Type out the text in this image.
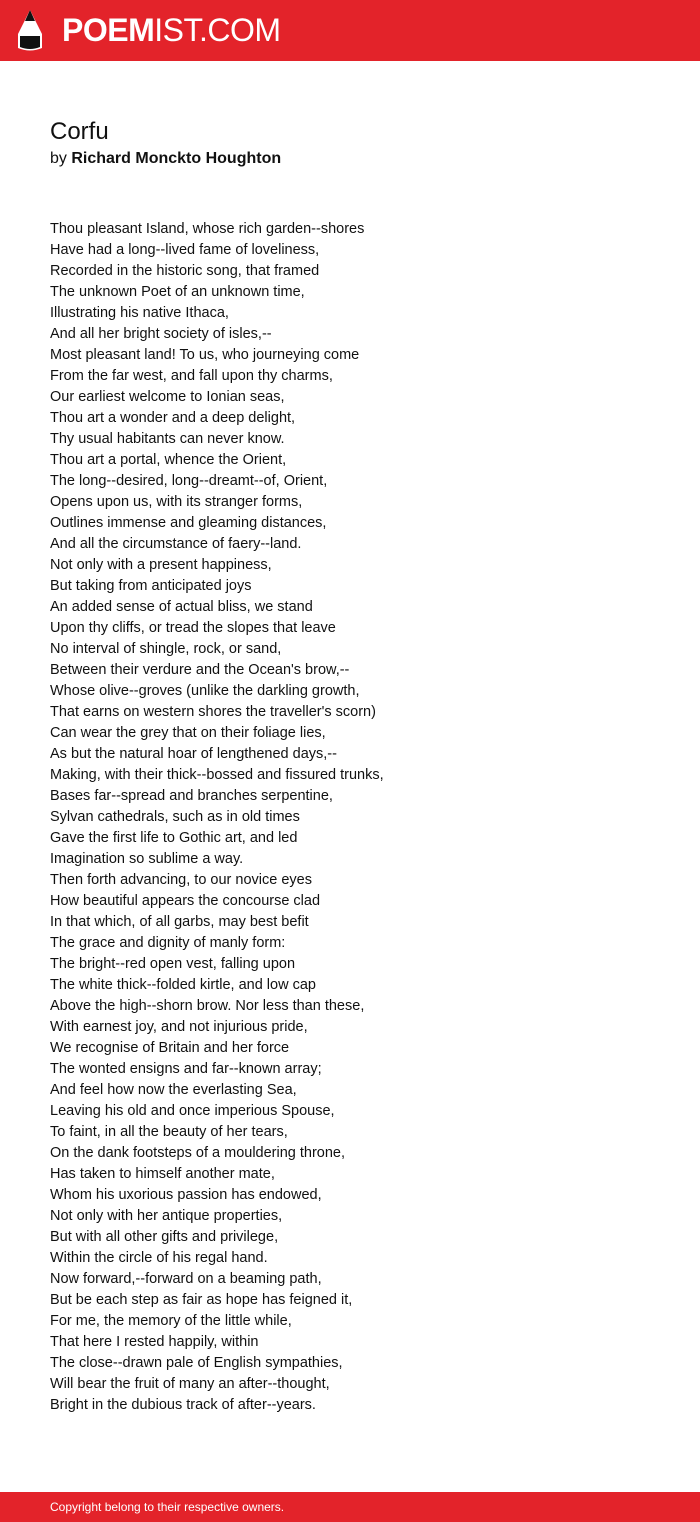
POEMIST.COM
Corfu
by Richard Monckto Houghton
Thou pleasant Island, whose rich garden--shores
Have had a long--lived fame of loveliness,
Recorded in the historic song, that framed
The unknown Poet of an unknown time,
Illustrating his native Ithaca,
And all her bright society of isles,--
Most pleasant land! To us, who journeying come
From the far west, and fall upon thy charms,
Our earliest welcome to Ionian seas,
Thou art a wonder and a deep delight,
Thy usual habitants can never know.
Thou art a portal, whence the Orient,
The long--desired, long--dreamt--of, Orient,
Opens upon us, with its stranger forms,
Outlines immense and gleaming distances,
And all the circumstance of faery--land.
Not only with a present happiness,
But taking from anticipated joys
An added sense of actual bliss, we stand
Upon thy cliffs, or tread the slopes that leave
No interval of shingle, rock, or sand,
Between their verdure and the Ocean's brow,--
Whose olive--groves (unlike the darkling growth,
That earns on western shores the traveller's scorn)
Can wear the grey that on their foliage lies,
As but the natural hoar of lengthened days,--
Making, with their thick--bossed and fissured trunks,
Bases far--spread and branches serpentine,
Sylvan cathedrals, such as in old times
Gave the first life to Gothic art, and led
Imagination so sublime a way.
Then forth advancing, to our novice eyes
How beautiful appears the concourse clad
In that which, of all garbs, may best befit
The grace and dignity of manly form:
The bright--red open vest, falling upon
The white thick--folded kirtle, and low cap
Above the high--shorn brow. Nor less than these,
With earnest joy, and not injurious pride,
We recognise of Britain and her force
The wonted ensigns and far--known array;
And feel how now the everlasting Sea,
Leaving his old and once imperious Spouse,
To faint, in all the beauty of her tears,
On the dank footsteps of a mouldering throne,
Has taken to himself another mate,
Whom his uxorious passion has endowed,
Not only with her antique properties,
But with all other gifts and privilege,
Within the circle of his regal hand.
Now forward,--forward on a beaming path,
But be each step as fair as hope has feigned it,
For me, the memory of the little while,
That here I rested happily, within
The close--drawn pale of English sympathies,
Will bear the fruit of many an after--thought,
Bright in the dubious track of after--years.
Copyright belong to their respective owners.
